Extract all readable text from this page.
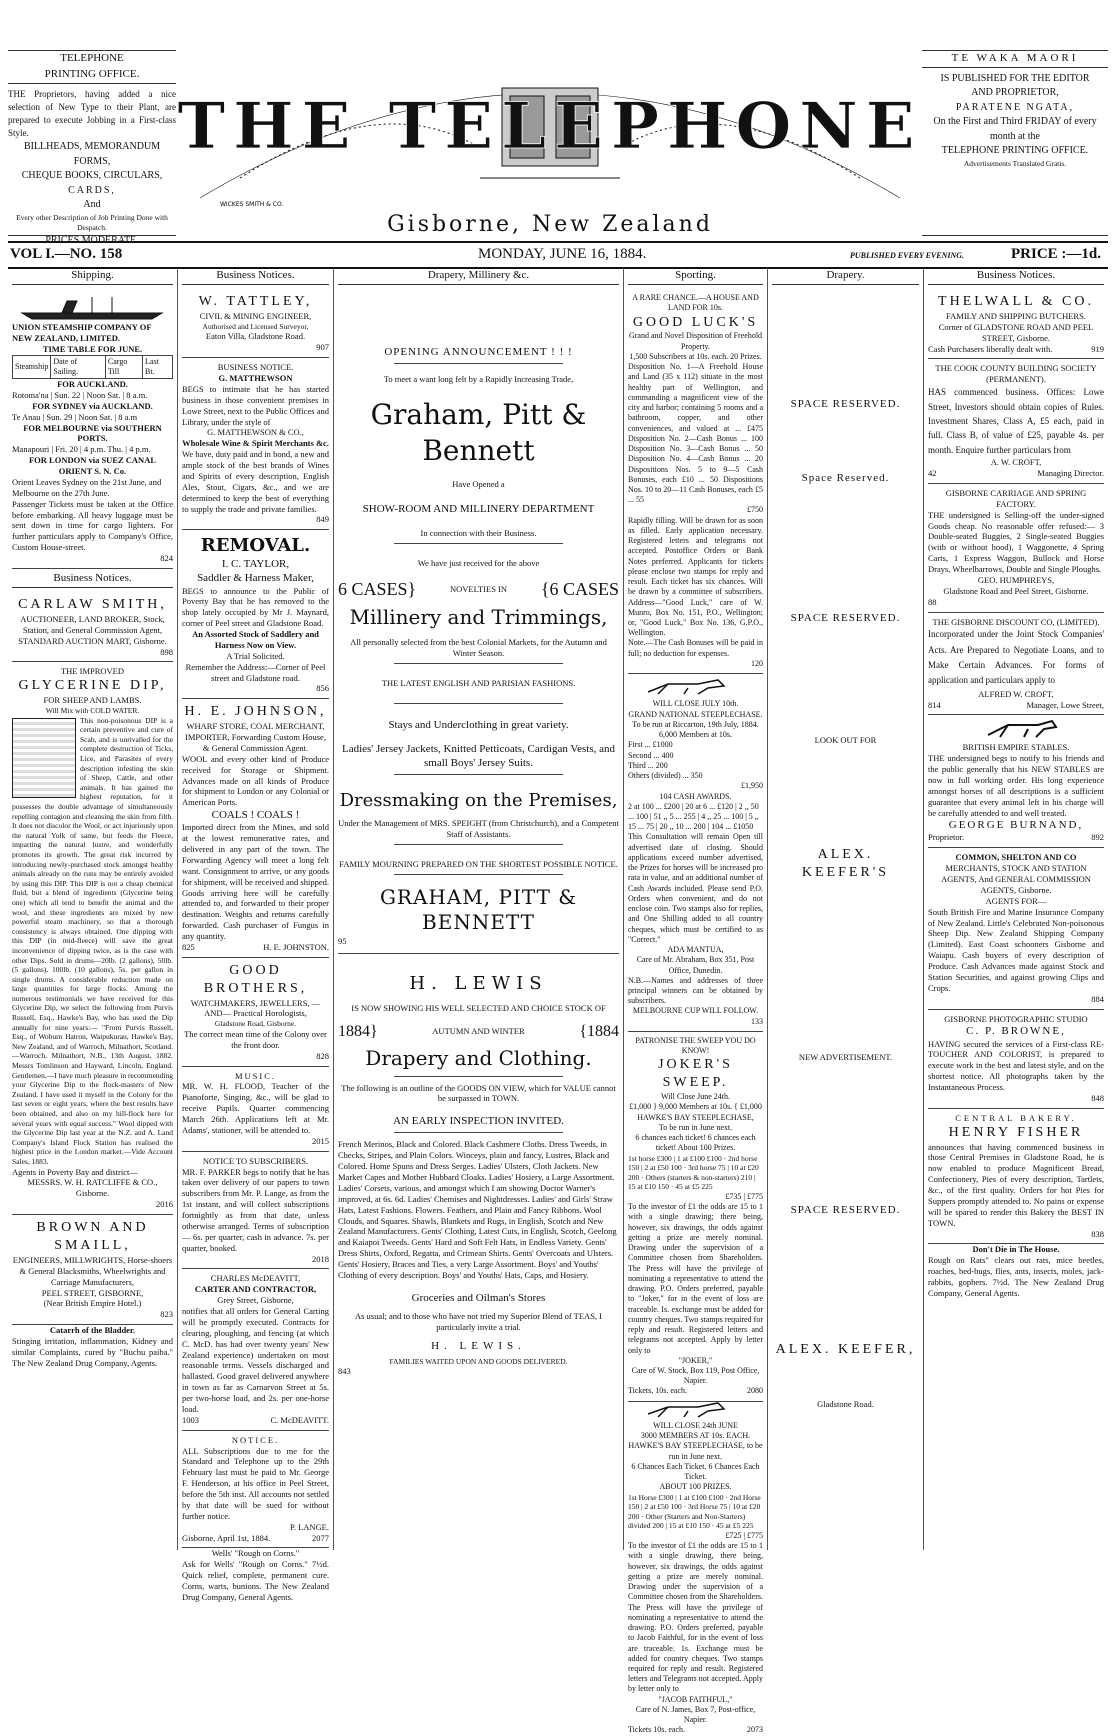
TELEPHONE
PRINTING OFFICE.
THE Proprietors, having added a nice selection of New Type to their Plant, are prepared to execute Jobbing in a First-class Style.
BILLHEADS, MEMORANDUM FORMS,
CHEQUE BOOKS, CIRCULARS,
CARDS,
And
Every other Description of Job Printing Done with Despatch.
PRICES MODERATE.
THE TELEPHONE
WICKES SMITH & CO.
Gisborne, New Zealand
TE WAKA MAORI
IS PUBLISHED FOR THE EDITOR
AND PROPRIETOR,
PARATENE NGATA,
On the First and Third FRIDAY of every month at the
TELEPHONE PRINTING OFFICE.
Advertisements Translated Gratis.
VOL I.—NO. 158	MONDAY, JUNE 16, 1884.	PUBLISHED EVERY EVENING.	PRICE :—1d.
Shipping.
UNION STEAMSHIP COMPANY OF NEW ZEALAND, LIMITED.
TIME TABLE FOR JUNE.
Steamship	Date of Sailing.	Cargo Till	Last Bt.
FOR AUCKLAND.
Rotoma'na | Sun. 22 | Noon Sat. | 8 a.m.
FOR SYDNEY via AUCKLAND.
Te Anau | Sun. 29 | Noon Sat. | 8 a.m
FOR MELBOURNE via SOUTHERN PORTS.
Manapouri | Fri. 20 | 4 p.m. Thu. | 4 p.m.
FOR LONDON via SUEZ CANAL ORIENT S. N. Co.
Orient Leaves Sydney on the 21st June, and Melbourne on the 27th June.
Passenger Tickets must be taken at the Office before embarking. All heavy luggage must be sent down in time for cargo lighters. For further particulars apply to Company's Office, Custom House-street.
824
Business Notices.
CARLAW SMITH,
AUCTIONEER, LAND BROKER, Stock, Station, and General Commission Agent,
STANDARD AUCTION MART, Gisborne.
898
THE IMPROVED
GLYCERINE DIP,
FOR SHEEP AND LAMBS.
Will Mix with COLD WATER.
This non-poisonous DIP is a certain preventive and cure of Scab, and is unrivalled for the complete destruction of Ticks, Lice, and Parasites of every description infesting the skin of Sheep, Cattle, and other animals. It has gained the highest reputation, for it possesses the double advantage of simultaneously repelling contagion and cleansing the skin from filth. It does not discolor the Wool, or act injuriously upon the natural Yolk of same, but feeds the Fleece, imparting the natural lustre, and wonderfully promotes its growth. The great risk incurred by introducing newly-purchased stock amongst healthy animals already on the runs may be entirely avoided by using this DIP. This DIP is not a cheap chemical fluid, but a blend of ingredients (Glycerine being one) which all tend to benefit the animal and the wool, and these ingredients are mixed by new powerful steam machinery, so that a thorough consistency is always obtained. One dipping with this DIP (in mid-fleece) will save the great inconvenience of dipping twice, as is the case with other Dips. Sold in drums—20lb. (2 gallons), 50lb. (5 gallons), 100lb. (10 gallons), 5s. per gallon in single drums. A considerable reduction made on large quantities for large flocks. Among the numerous testimonials we have received for this Glycerine Dip, we select the following from Purvis Russell, Esq., Hawke's Bay, who has used the Dip annually for nine years:— "From Purvis Russell, Esq., of Woburn Hatron, Waipukurau, Hawke's Bay, New Zealand, and of Warroch, Milnathort, Scotland.—Warroch, Milnathort, N.B., 13th August, 1882. Messrs Tomlinson and Hayward, Lincoln, England. Gentlemen,—I have much pleasure in recommending your Glycerine Dip to the flock-masters of New Zealand. I have used it myself in the Colony for the last seven or eight years, where the best results have been obtained, and also on my hill-flock here for several years with equal success." Wool dipped with the Glycerine Dip last year at the N.Z. and A. Land Company's Island Flock Station has realised the highest price in the London market.—Vide Account Sales, 1883.
Agents in Poverty Bay and district—
MESSRS. W. H. RATCLIFFE & CO., Gisborne.
2016
BROWN AND SMAILL,
ENGINEERS, MILLWRIGHTS, Horse-shoers & General Blacksmiths, Wheelwrights and Carriage Manufacturers,
PEEL STREET, GISBORNE,
(Near British Empire Hotel.)
823
Catarrh of the Bladder.
Stinging irritation, inflammation, Kidney and similar Complaints, cured by "Buchu paiba." The New Zealand Drug Company, Agents.
Business Notices.
W. TATTLEY,
CIVIL & MINING ENGINEER,
Authorised and Licensed Surveyor,
Eaton Villa, Gladstone Road.
907
BUSINESS NOTICE.
G. MATTHEWSON
BEGS to intimate that he has started business in those convenient premises in Lowe Street, next to the Public Offices and Library, under the style of
G. MATTHEWSON & CO.,
Wholesale Wine & Spirit Merchants &c.
We have, duty paid and in bond, a new and ample stock of the best brands of Wines and Spirits of every description, English Ales, Stout, Cigars, &c., and we are determined to keep the best of everything to supply the trade and private families.
849
REMOVAL.
I. C. TAYLOR,
Saddler & Harness Maker,
BEGS to announce to the Public of Poverty Bay that he has removed to the shop lately occupied by Mr J. Maynard, corner of Peel street and Gladstone Road.
An Assorted Stock of Saddlery and Harness Now on View.
A Trial Solicited.
Remember the Address:—Corner of Peel street and Gladstone road.
856
H. E. JOHNSON,
WHARF STORE, COAL MERCHANT, IMPORTER, Forwarding Custom House, & General Commission Agent.
WOOL and every other kind of Produce received for Storage or Shipment. Advances made on all kinds of Produce for shipment to London or any Colonial or American Ports.
COALS ! COALS !
Imported direct from the Mines, and sold at the lowest remunerative rates, and delivered in any part of the town. The Forwarding Agency will meet a long felt want. Consignment to arrive, or any goods for shipment, will be received and shipped. Goods arriving here will be carefully attended to, and forwarded to their proper destination. Weights and returns carefully forwarded. Cash purchaser of Fungus in any quantity.
825	H. E. JOHNSTON.
GOOD BROTHERS,
WATCHMAKERS, JEWELLERS, —AND— Practical Horologists,
Gladstone Road, Gisborne.
The correct mean time of the Colony over the front door.
828
MUSIC.
MR. W. H. FLOOD, Teacher of the Pianoforte, Singing, &c., will be glad to receive Pupils. Quarter commencing March 26th. Applications left at Mr. Adams', stationer, will be attended to.
2015
NOTICE TO SUBSCRIBERS.
MR. F. PARKER begs to notify that he has taken over delivery of our papers to town subscribers from Mr. P. Lange, as from the 1st instant, and will collect subscriptions fortnightly as from that date, unless otherwise arranged. Terms of subscription— 6s. per quarter, cash in advance. 7s. per quarter, booked.
2018
CHARLES McDEAVITT,
CARTER AND CONTRACTOR,
Grey Street, Gisborne,
notifies that all orders for General Carting will be promptly executed. Contracts for clearing, ploughing, and fencing (at which C. McD. has had over twenty years' New Zealand experience) undertaken on most reasonable terms. Vessels discharged and ballasted. Good gravel delivered anywhere in town as far as Carnarvon Street at 5s. per two-horse load, and 2s. per one-horse load.
1003	C. McDEAVITT.
NOTICE.
ALL Subscriptions due to me for the Standard and Telephone up to the 29th February last must be paid to Mr. George F. Henderson, at his office in Peel Street, before the 5th inst. All accounts not settled by that date will be sued for without further notice.
P. LANGE.
Gisborne, April 1st, 1884.	2077
Wells' "Rough on Corns."
Ask for Wells' "Rough on Corns." 7½d. Quick relief, complete, permanent cure. Corns, warts, bunions. The New Zealand Drug Company, General Agents.
Drapery, Millinery &c.
OPENING ANNOUNCEMENT ! ! !
To meet a want long felt by a Rapidly Increasing Trade,
Graham, Pitt & Bennett
Have Opened a
SHOW-ROOM AND MILLINERY DEPARTMENT
In connection with their Business.
We have just received for the above
6 CASES}	NOVELTIES IN {6 CASES
Millinery and Trimmings,
All personally selected from the best Colonial Markets, for the Autumn and Winter Season.
THE LATEST ENGLISH AND PARISIAN FASHIONS.
Stays and Underclothing in great variety.
Ladies' Jersey Jackets, Knitted Petticoats, Cardigan Vests, and small Boys' Jersey Suits.
Dressmaking on the Premises,
Under the Management of MRS. SPEIGHT (from Christchurch), and a Competent Staff of Assistants.
FAMILY MOURNING PREPARED ON THE SHORTEST POSSIBLE NOTICE.
GRAHAM, PITT & BENNETT
95
H. LEWIS
IS NOW SHOWING HIS WELL SELECTED AND CHOICE STOCK OF
1884}	AUTUMN AND WINTER	{1884
Drapery and Clothing.
The following is an outline of the GOODS ON VIEW, which for VALUE cannot be surpassed in TOWN.
AN EARLY INSPECTION INVITED.
French Merinos, Black and Colored. Black Cashmere Cloths. Dress Tweeds, in Checks, Stripes, and Plain Colors. Winceys, plain and fancy, Lustres, Black and Colored. Home Spuns and Dress Serges. Ladies' Ulsters, Cloth Jackets. New Market Capes and Mother Hubbard Cloaks. Ladies' Hosiery, a Large Assortment. Ladies' Corsets, various, and amongst which I am showing Doctor Warner's improved, at 6s. 6d. Ladies' Chemises and Nightdresses. Ladies' and Girls' Straw Hats, Latest Fashions. Flowers. Feathers, and Plain and Fancy Ribbons. Wool Clouds, and Squares. Shawls, Blankets and Rugs, in English, Scotch and New Zealand Manufacturers. Gents' Clothing, Latest Cuts, in English, Scotch, Geelong and Kaiapoi Tweeds. Gents' Hard and Soft Felt Hats, in Endless Variety. Gents' Dress Shirts, Oxford, Regatta, and Crimean Shirts. Gents' Overcoats and Ulsters. Gents' Hosiery, Braces and Ties, a very Large Assortment. Boys' and Youths' Clothing of every description. Boys' and Youths' Hats, Caps, and Hosiery.
Groceries and Oilman's Stores
As usual; and to those who have not tried my Superior Blend of TEAS, I particularly invite a trial.
H. LEWIS.
FAMILIES WAITED UPON AND GOODS DELIVERED.
843
Sporting.
A RARE CHANCE.—A HOUSE AND LAND FOR 10s.
GOOD LUCK'S
Grand and Novel Disposition of Freehold Property.
1,500 Subscribers at 10s. each. 20 Prizes.
Disposition No. 1—A Freehold House and Land (35 x 112) situate in the most healthy part of Wellington, and commanding a magnificent view of the city and harbor; containing 5 rooms and a bathroom, copper, and other conveniences, and valued at ... £475 Disposition No. 2—Cash Bonus ... 100 Disposition No. 3—Cash Bonus ... 50 Disposition No. 4—Cash Bonus ... 20 Dispositions Nos. 5 to 9—5 Cash Bonuses, each £10 ... 50 Dispositions Nos. 10 to 20—11 Cash Bonuses, each £5 ... 55
£750
Rapidly filling. Will be drawn for as soon as filled. Early application necessary. Registered letters and telegrams not accepted. Postoffice Orders or Bank Notes preferred. Applicants for tickets please enclose two stamps for reply and result. Each ticket has six chances. Will be drawn by a committee of subscribers. Address—"Good Luck," care of W. Munro, Box No. 151, P.O., Wellington; or, "Good Luck," Box No. 136, G.P.O., Wellington.
Note.—The Cash Bonuses will be paid in full; no deduction for expenses.
120
WILL CLOSE JULY 10th.
GRAND NATIONAL STEEPLECHASE.
To be run at Riccarton, 19th July, 1884.
6,000 Members at 10s.
First ... £1000
Second ... 400
Third ... 200
Others (divided) ... 350
£1,950
104 CASH AWARDS.
2 at 100 ... £200 | 20 at 6 ... £120 | 2 ,, 50 ... 100 | 51 ,, 5 ... 255 | 4 ,, 25 ... 100 | 5 ,, 15 ... 75 | 20 ,, 10 ... 200 | 104 ... £1050
This Consultation will remain Open till advertised date of closing. Should applications exceed number advertised, the Prizes for horses will be increased pro rata in value, and an additional number of Cash Awards included. Please send P.O. Orders when convenient, and do not enclose coin. Two stamps also for replies, and One Shilling added to all country cheques, which must be certified to as "Correct."
ADA MANTUA,
Care of Mr. Abraham, Box 351, Post Office, Dunedin.
N.B.—Names and addresses of three principal winners can be obtained by subscribers.
MELBOURNE CUP WILL FOLLOW.
133
PATRONISE THE SWEEP YOU DO KNOW!
JOKER'S SWEEP.
Will Close June 24th.
£1,000 } 9,000 Members at 10s. { £1,000
HAWKE'S BAY STEEPLECHASE,
To be run in June next.
6 chances each ticket! 6 chances each ticket! About 100 Prizes.
1st horse £300 | 1 at £100 £100 · 2nd horse 150 | 2 at £50 100 · 3rd horse 75 | 10 at £20 200 · Others (starters & non-starters) 210 | 15 at £10 150 · 45 at £5 225
£735 | £775
To the investor of £1 the odds are 15 to 1 with a single drawing; there being, however, six drawings, the odds against getting a prize are merely nominal. Drawing under the supervision of a Committee chosen from Shareholders. The Press will have the privilege of nominating a representative to attend the drawing. P.O. Orders preferred, payable to "Joker," for in the event of loss are traceable. Is. exchange must be added for country cheques. Two stamps required for reply and result. Registered letters and telegrams not accepted. Apply by letter only to
"JOKER,"
Care of W. Stock, Box 119, Post Office, Napier.
Tickets, 10s. each.	2080
WILL CLOSE 24th JUNE
3000 MEMBERS AT 10s. EACH.
HAWKE'S BAY STEEPLECHASE, to be run in June next.
6 Chances Each Ticket. 6 Chances Each Ticket.
ABOUT 100 PRIZES.
1st Horse £300 | 1 at £100 £100 · 2nd Horse 150 | 2 at £50 100 · 3rd Horse 75 | 10 at £20 200 · Other (Starters and Non-Starters) divided 200 | 15 at £10 150 · 45 at £5 225
£725 | £775
To the investor of £1 the odds are 15 to 1 with a single drawing, there being, however, six drawings, the odds against getting a prize are merely nominal. Drawing under the supervision of a Committee chosen from the Shareholders. The Press will have the privilege of nominating a representative to attend the drawing. P.O. Orders preferred, payable to Jacob Faithful, for in the event of loss are traceable. 1s. Exchange must be added for country cheques. Two stamps required for reply and result. Registered letters and Telegrams not accepted. Apply by letter only to
"JACOB FAITHFUL,"
Care of N. James, Box 7, Post-office, Napier.
Tickets 10s. each.	2073
Drapery.
SPACE RESERVED.
Space Reserved.
SPACE RESERVED.
LOOK OUT FOR
ALEX. KEEFER'S
NEW ADVERTISEMENT.
SPACE RESERVED.
ALEX. KEEFER,
Gladstone Road.
Business Notices.
THELWALL & CO.
FAMILY AND SHIPPING BUTCHERS.
Corner of GLADSTONE ROAD AND PEEL STREET, Gisborne.
Cash Purchasers liberally dealt with.	919
THE COOK COUNTY BUILDING SOCIETY (PERMANENT).
HAS commenced business. Offices: Lowe Street, Investors should obtain copies of Rules. Investment Shares, Class A, £5 each, paid in full. Class B, of value of £25, payable 4s. per month. Enquire further particulars from
A. W. CROFT,
42	Managing Director.
GISBORNE CARRIAGE AND SPRING FACTORY.
THE undersigned is Selling-off the under-signed Goods cheap. No reasonable offer refused:— 3 Double-seated Buggies, 2 Single-seated Buggies (with or without hood), 1 Waggonette, 4 Spring Carts, 1 Express Waggon, Bullock and Horse Drays, Wheelbarrows, Double and Single Ploughs.
GEO. HUMPHREYS,
Gladstone Road and Peel Street, Gisborne.
88
THE GISBORNE DISCOUNT CO, (LIMITED).
Incorporated under the Joint Stock Companies' Acts. Are Prepared to Negotiate Loans, and to Make Certain Advances. For forms of application and particulars apply to
ALFRED W. CROFT,
814	Manager, Lowe Street,
BRITISH EMPIRE STABLES.
THE undersigned begs to notify to his friends and the public generally that his NEW STABLES are now in full working order. His long experience amongst horses of all descriptions is a sufficient guarantee that every animal left in his charge will be carefully attended to and well treated.
GEORGE BURNAND,
Proprietor.	892
COMMON, SHELTON AND CO
MERCHANTS, STOCK AND STATION AGENTS, And GENERAL COMMISSION AGENTS, Gisborne.
AGENTS FOR—
South British Fire and Marine Insurance Company of New Zealand. Little's Celebrated Non-poisonous Sheep Dip. New Zealand Shipping Company (Limited). East Coast schooners Gisborne and Waiapu. Cash buyers of every description of Produce. Cash Advances made against Stock and Station Securities, and against growing Clips and Crops.
884
GISBORNE PHOTOGRAPHIC STUDIO
C. P. BROWNE,
HAVING secured the services of a First-class RE-TOUCHER AND COLORIST, is prepared to execute work in the best and latest style, and on the shortest notice. All photographs taken by the Instantaneous Process.
848
CENTRAL BAKERY.
HENRY FISHER
announces that having commenced business in those Central Premises in Gladstone Road, he is now enabled to produce Magnificent Bread, Confectionery, Pies of every description, Tartlets, &c., of the first quality. Orders for hot Pies for Suppers promptly attended to. No pains or expense will be spared to render this Bakery the BEST IN TOWN.
838
Don't Die in The House.
Rough on Rats" clears out rats, mice beetles, roaches, bed-bugs, flies, ants, insects, moles, jack-rabbits, gophers. 7½d. The New Zealand Drug Company, General Agents.
